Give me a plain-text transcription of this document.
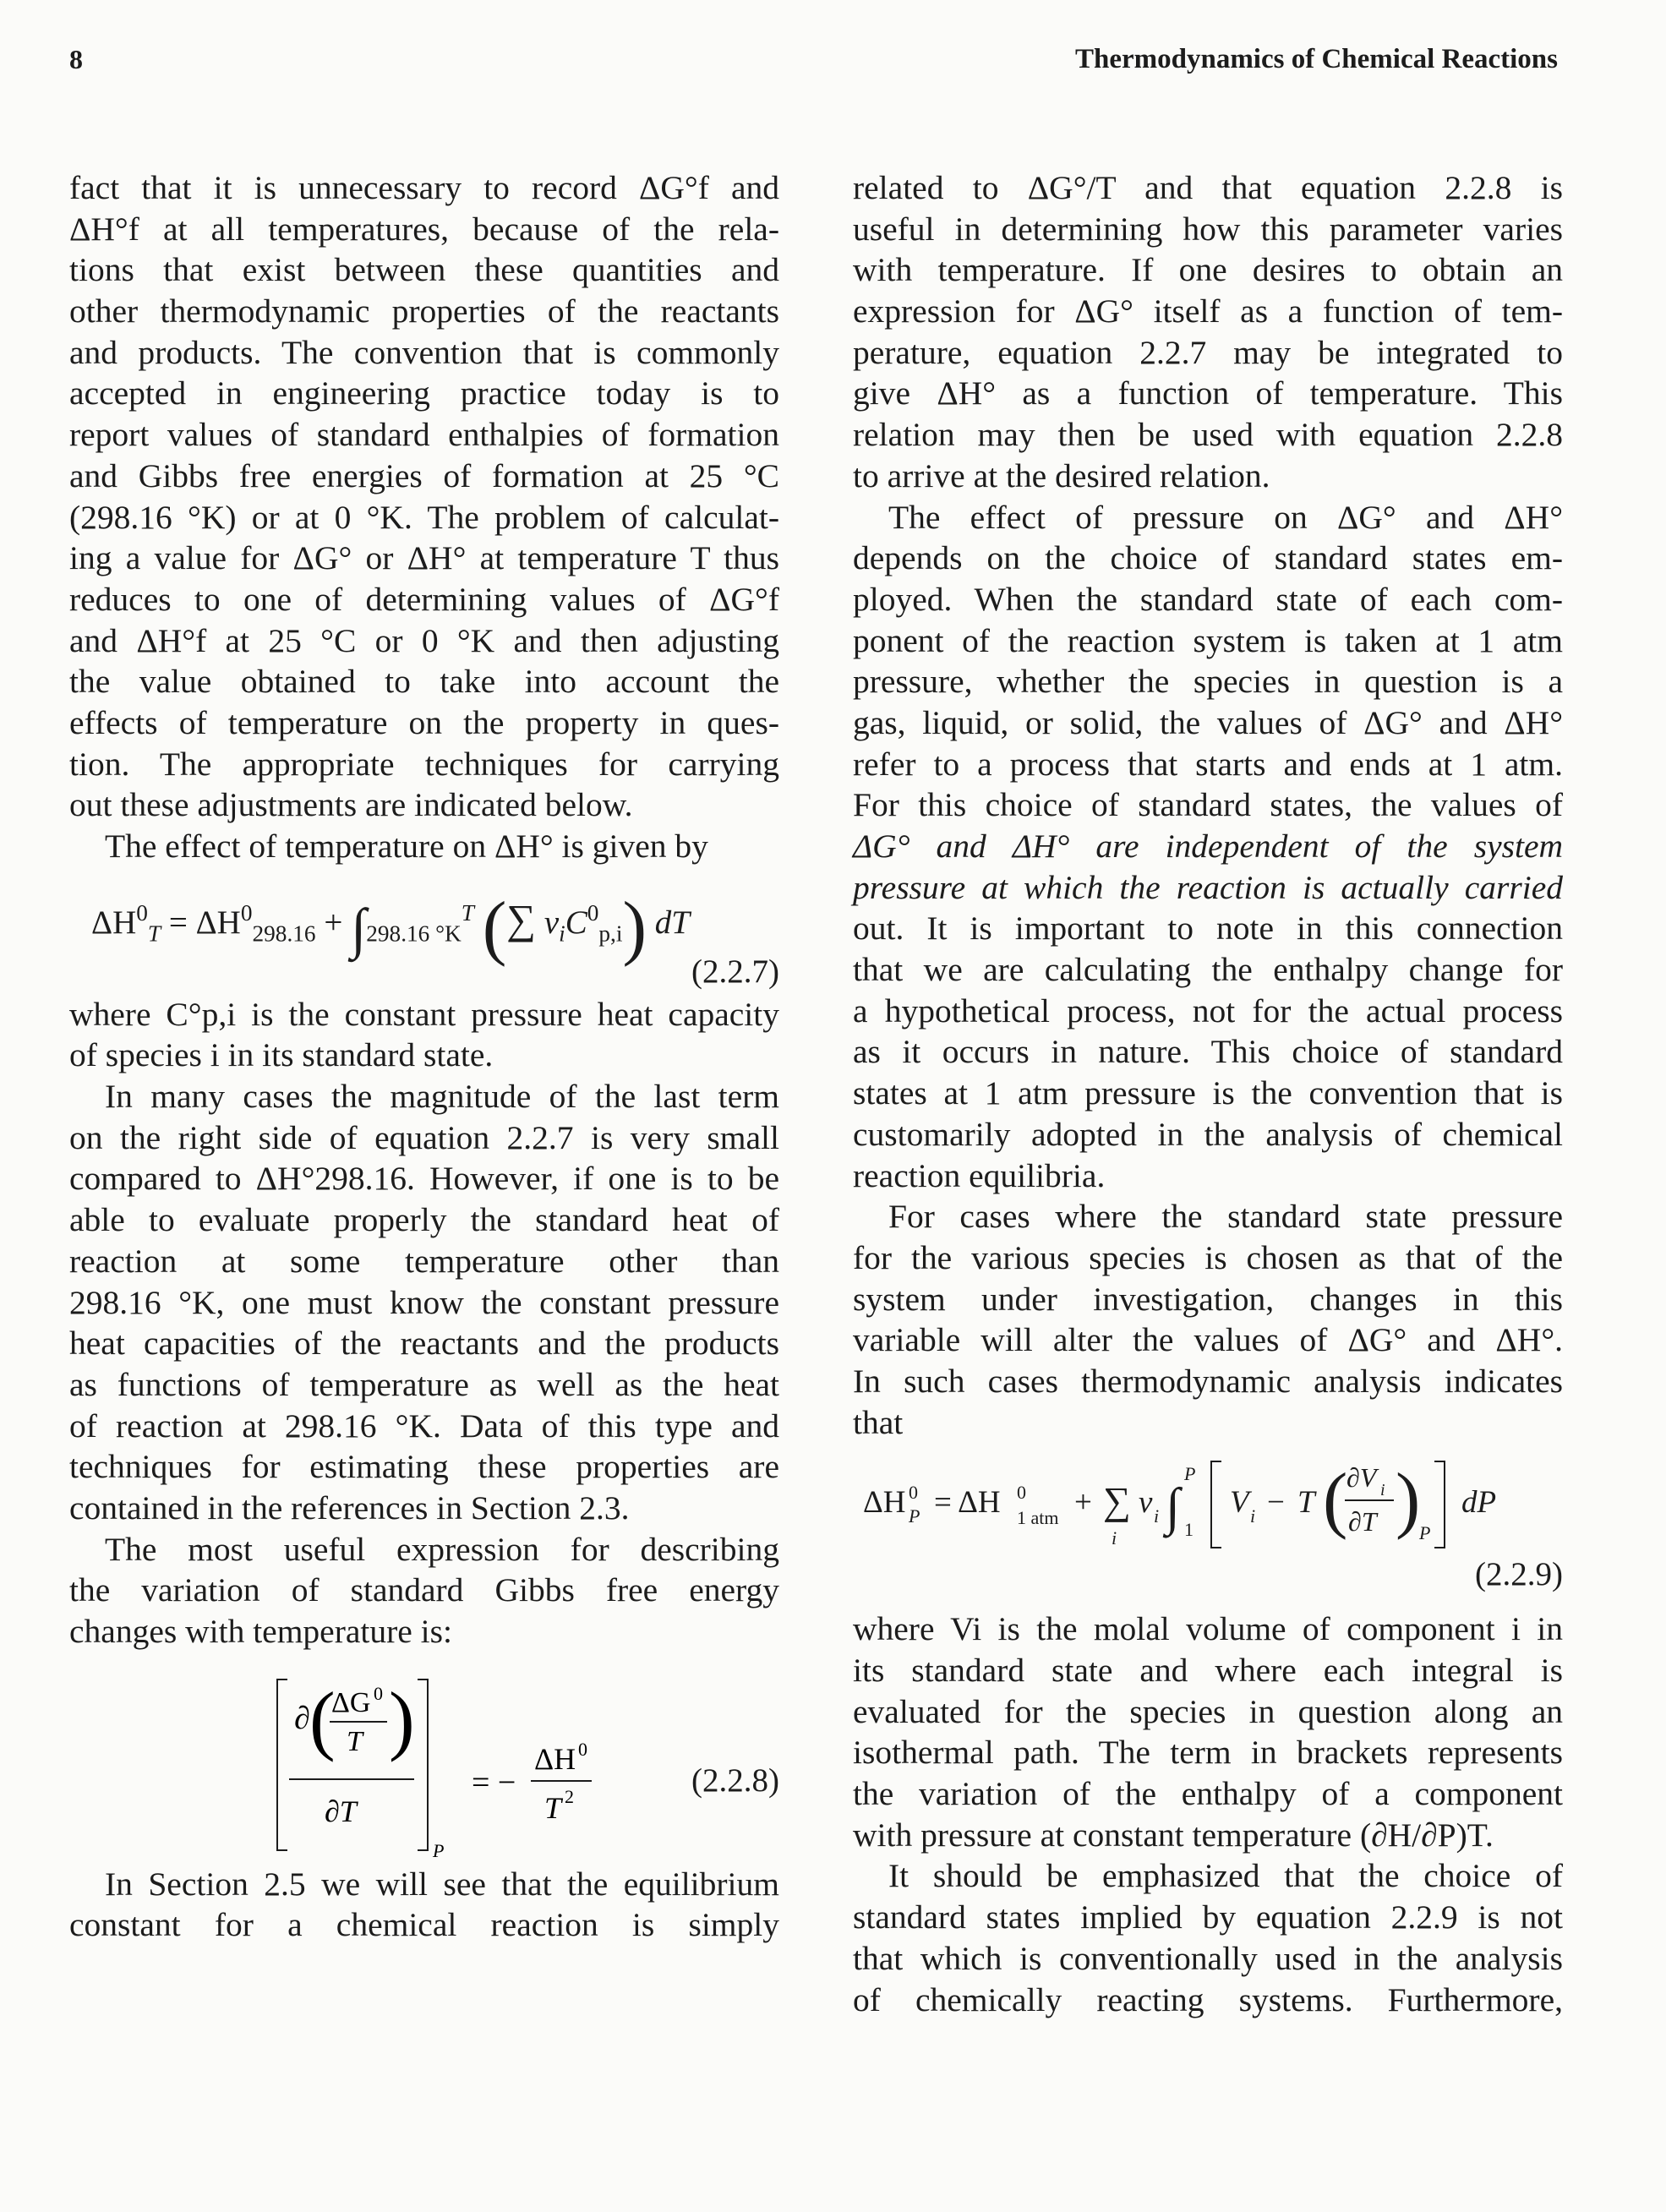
8	Thermodynamics of Chemical Reactions
fact that it is unnecessary to record ΔG°f and
ΔH°f at all temperatures, because of the rela-
tions that exist between these quantities and
other thermodynamic properties of the reactants
and products. The convention that is commonly
accepted in engineering practice today is to
report values of standard enthalpies of formation
and Gibbs free energies of formation at 25 °C
(298.16 °K) or at 0 °K. The problem of calculat-
ing a value for ΔG° or ΔH° at temperature T thus
reduces to one of determining values of ΔG°f
and ΔH°f at 25 °C or 0 °K and then adjusting
the value obtained to take into account the
effects of temperature on the property in ques-
tion. The appropriate techniques for carrying
out these adjustments are indicated below.
The effect of temperature on ΔH° is given by
$\Delta H^0_T = \Delta H^0_{298.16} + \int_{298.16 ^\circ K}^T$ (∑ $\nu_iC^0_{p,i}$) dT
(2.2.7)
where C°p,i is the constant pressure heat capacity
of species i in its standard state.
In many cases the magnitude of the last term
on the right side of equation 2.2.7 is very small
compared to ΔH°298.16. However, if one is to be
able to evaluate properly the standard heat of
reaction at some temperature other than
298.16 °K, one must know the constant pressure
heat capacities of the reactants and the products
as functions of temperature as well as the heat
of reaction at 298.16 °K. Data of this type and
techniques for estimating these properties are
contained in the references in Section 2.3.
The most useful expression for describing
the variation of standard Gibbs free energy
changes with temperature is:
∂ (
ΔG 0
T )
∂T
P
= −
ΔH 0
T 2	(2.2.8)
In Section 2.5 we will see that the equilibrium
constant for a chemical reaction is simply
related to ΔG°/T and that equation 2.2.8 is
useful in determining how this parameter varies
with temperature. If one desires to obtain an
expression for ΔG° itself as a function of tem-
perature, equation 2.2.7 may be integrated to
give ΔH° as a function of temperature. This
relation may then be used with equation 2.2.8
to arrive at the desired relation.
The effect of pressure on ΔG° and ΔH°
depends on the choice of standard states em-
ployed. When the standard state of each com-
ponent of the reaction system is taken at 1 atm
pressure, whether the species in question is a
gas, liquid, or solid, the values of ΔG° and ΔH°
refer to a process that starts and ends at 1 atm.
For this choice of standard states, the values of
ΔG° and ΔH° are independent of the system
pressure at which the reaction is actually carried
out. It is important to note in this connection
that we are calculating the enthalpy change for
a hypothetical process, not for the actual process
as it occurs in nature. This choice of standard
states at 1 atm pressure is the convention that is
customarily adopted in the analysis of chemical
reaction equilibria.
For cases where the standard state pressure
for the various species is chosen as that of the
system under investigation, changes in this
variable will alter the values of ΔG° and ΔH°.
In such cases thermodynamic analysis indicates
that
ΔH 0
P = ΔH 0
1 atm + ∑
i
ν i ∫
P
1
V i − T (
∂V i
∂T )
P
dP
(2.2.9)
where Vi is the molal volume of component i in
its standard state and where each integral is
evaluated for the species in question along an
isothermal path. The term in brackets represents
the variation of the enthalpy of a component
with pressure at constant temperature (∂H/∂P)T.
It should be emphasized that the choice of
standard states implied by equation 2.2.9 is not
that which is conventionally used in the analysis
of chemically reacting systems. Furthermore,
